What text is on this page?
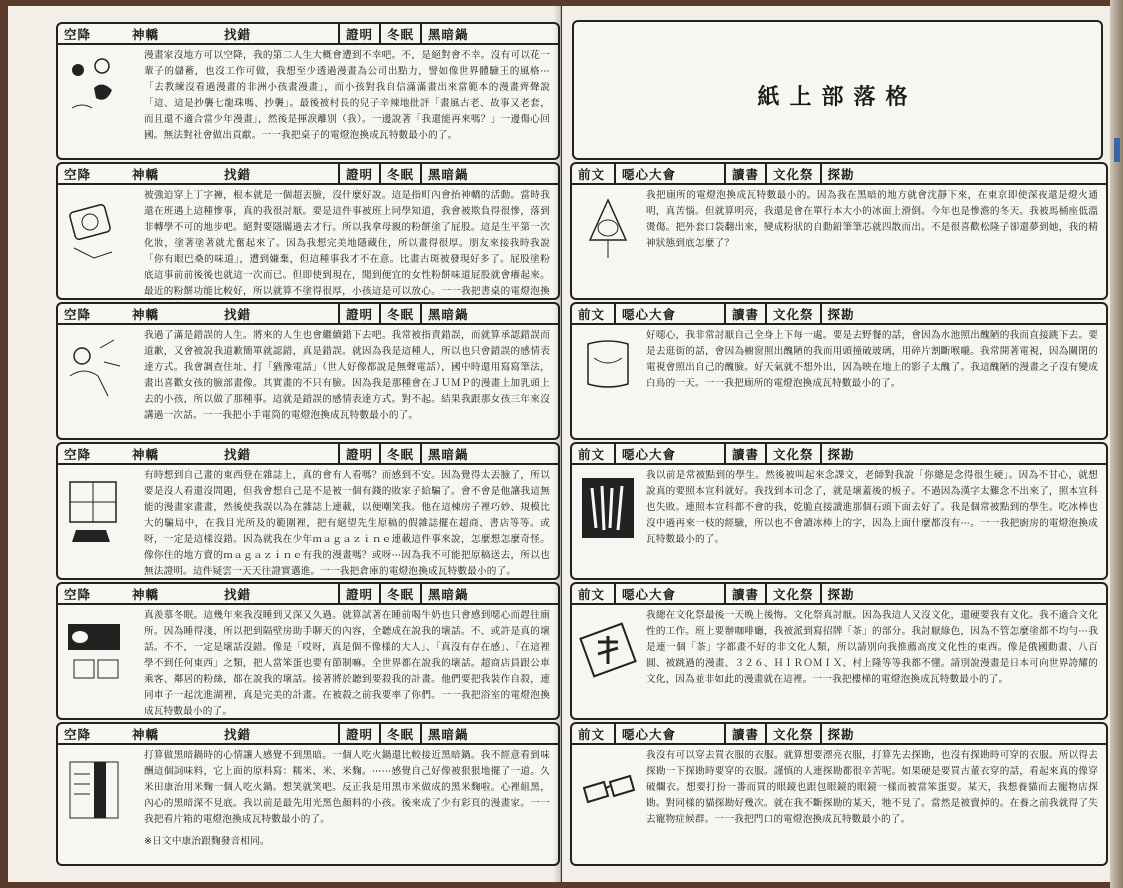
空降	神轎	找錯	證明	冬眠	黑暗鍋
漫畫家沒地方可以空降，我的第二人生大概會遭到不幸吧。不，是絕對會不幸。沒有可以花一輩子的儲蓄，也沒工作可做，我想至少透過漫畫為公司出點力，譬如像世界體驗王的風格⋯「去教練沒看過漫畫的非洲小孩畫漫畫」，而小孩對我自信滿滿畫出來當範本的漫畫齊聲說「這、這是抄襲七龍珠嗎、抄襲」。最後被村長的兒子辛辣地批評「畫風古老、故事又老套，而且還不適合當少年漫畫」，然後是揮淚離別（我）。一邊說著「我還能再來嗎？」一邊傷心回國。無法對社會做出貢獻。一一我把桌子的電燈泡換成瓦特數最小的了。
空降	神轎	找錯	證明	冬眠	黑暗鍋
被強迫穿上丁字褲，根本就是一個超丟臉，沒什麼好說。這是指町內會抬神轎的活動。當時我還在班遇上這種慘事，真的我很討厭。要是這件事被班上同學知道，我會被欺負得很慘，落到非轉學不可的地步吧。絕對要隱瞞過去才行。所以我拿母親的粉餅塗了屁股。這是生平第一次化妝，塗著塗著就尤奮起來了。因為我想完美地隱藏住，所以畫得很厚。朋友來接我時我說「你有眼巴桑的味道」，遭到嫌棄，但這種事我才不在意。比畫古斑被發現好多了。屁股塗粉底這事前前後後也就這一次而已。但即使到現在，聞到便宜的女性粉餅味道屁股就會癢起來。最近的粉餅功能比較好，所以就算不塗得很厚，小孩這是可以放心。一一我把書桌的電燈泡換
空降	神轎	找錯	證明	冬眠	黑暗鍋
我過了滿是錯誤的人生。將來的人生也會繼續錯下去吧。我常被指責錯誤，而就算承認錯誤而道歉，又會被說我道歉簡單就認錯，真是錯誤。就因為我是這種人，所以也只會錯誤的感情表達方式。我會調查住址、打「猶豫電話」（世人好像都說是無聲電話），國中時還用寫寫筆法，畫出喜歡女孩的臉部畫像。其實畫的不只有臉。因為我是那種會在ＪＵＭＰ的漫畫上加乳頭上去的小孩，所以做了那種事。這就是錯誤的感情表達方式。對不起。結果我跟那女孩三年來沒講過一次話。一一我把小手電筒的電燈泡換成瓦特數最小的了。
空降	神轎	找錯	證明	冬眠	黑暗鍋
有時想到自己畫的東西登在雜誌上，真的會有人看嗎？而感到不安。因為覺得太丟臉了，所以要是沒人看還沒問題，但我會想自己是不是被一個有錢的敗家子給騙了。會不會是他讓我這無能的漫畫家畫畫，然後使我誤以為在雜誌上連載，以便嘲笑我。他在這棟房子裡巧妙、規模比大的騙局中，在我目光所及的範圍裡，把有絕望先生原稿的假雜誌擺在超商、書店等等。或呀，一定是這樣沒錯。因為就我在少年ｍａｇａｚｉｎｅ連載這件事來說，怎麼想怎麼奇怪。像你住的地方賣的ｍａｇａｚｉｎｅ有我的漫畫嗎？或呀⋯因為我不可能把原稿送去，所以也無法證明。這件疑雲一天天往證實邁進。一一我把倉庫的電燈泡換成瓦特數最小的了。
空降	神轎	找錯	證明	冬眠	黑暗鍋
真羨慕冬眠。這幾年來我沒睡到又深又久過。就算試著在睡前喝牛奶也只會感到噁心而趕往廁所。因為睡得淺，所以把到隔壁房助手聊天的內容，全聽成在說我的壞話。不、或許是真的壞話。不不，一定是壞話沒錯。像是「哎呀，真是個不像樣的大人」、「真沒有存在感」、「在這裡學不到任何東西」之類，把人當笨蛋也要有節制嘛。全世界都在說我的壞話。超商店員跟公車乘客、鄰居的粉絲，都在說我的壞話。接著將於聽到要殺我的計畫。他們要把我裝作自殺，連同車子一起沈進湖裡，真是完美的計畫。在被殺之前我要率了你們。一一我把浴室的電燈泡換成瓦特數最小的了。
空降	神轎	找錯	證明	冬眠	黑暗鍋
打算做黑暗鍋時的心情讓人感覺不到黑暗。一個人吃火鍋還比較接近黑暗鍋。我不經意看到味酬這個詞味料，它上面的原料寫：糯米、米、米麴。⋯⋯感覺自己好像被狠狠地擺了一道。久米田康治用米麴一個人吃火鍋。想笑就笑吧。反正我是用黑市米做成的黑米麴啦。心裡組黑，內心的黑暗深不見底。我以前是最先用光黑色顏料的小孩。後來成了少有彩頁的漫畫家。一一我把看片箱的電燈泡換成瓦特數最小的了。
※日文中康治跟麴發音相同。
紙上部落格
前文	噁心大會	讀書	文化祭	探勘
我把廁所的電燈泡換成瓦特數最小的。因為我在黑暗的地方就會沈靜下來，在東京即使深夜還是燈火通明，真苦惱。但就算明亮，我還是會在單行本大小的冰面上滑倒。今年也是慘澹的冬天。我被馬桶座低溫燙傷。把外套口袋翻出來，變成粉狀的自動鉛筆筆芯就四散而出。不是很喜歡松隆子卻還夢到她，我的精神狀態到底怎麼了？
前文	噁心大會	讀書	文化祭	探勘
好噁心，我非常討厭自己全身上下每一處。要是去野餐的話，會因為水池照出醜陋的我而直接跳下去。要是去逛街的話，會因為櫥窗照出醜陋的我而用頭撞破玻璃，用碎片割斷喉嚨。我常開著電視，因為關閉的電視會照出自己的醜臉。好天氣就不想外出，因為映在地上的影子太醜了。我這醜陋的漫畫之子沒有變成白鳥的一天。一一我把廁所的電燈泡換成瓦特數最小的了。
前文	噁心大會	讀書	文化祭	探勘
我以前是常被點到的學生。然後被叫起來念課文，老師對我說「你總是念得很生硬」。因為不甘心，就想說真的要照本宣科就好。我找到本司念了，就是壞蓋後的板子。不過因為漢字太難念不出來了，照本宣科也失敗。連照本宣科都不會的我，乾脆直接讀進那個石頭下面去好了。我是個常被點到的學生。吃冰棒也沒中過再來一枝的經驗，所以也不會讀冰棒上的字，因為上面什麼都沒有⋯。一一我把廚房的電燈泡換成瓦特數最小的了。
前文	噁心大會	讀書	文化祭	探勘
我總在文化祭最後一天晚上後悔。文化祭真討厭。因為我這人又沒文化，還硬要我有文化。我不適合文化性的工作。班上要辦咖啡廳，我被派到寫招牌「茶」的部分。我討厭綠色，因為不管怎麼塗都不均勻⋯我是連一個「茶」字都畫不好的非文化人類，所以請別向我推薦高度文化性的東西。像是俄國動畫、八百圓、被跳過的漫畫、３２６、ＨＩＲＯＭＩＸ、村上隆等等我都不懂。請別說漫畫是日本可向世界誇耀的文化，因為並非如此的漫畫就在這裡。一一我把樓梯的電燈泡換成瓦特數最小的了。
前文	噁心大會	讀書	文化祭	探勘
我沒有可以穿去買衣服的衣服。就算想要漂亮衣服，打算先去探勘，也沒有探勘時可穿的衣服。所以得去探勘一下探勘時要穿的衣服。謹慎的人連探勘都很辛苦呢。如果硬是要買古董衣穿的話，看起來真的像穿破爛衣。想要打扮一番而買的眼鏡也跟包眼鏡的眼鏡一樣而被當笨蛋耍。某天，我想養貓而去寵物店探勘。對同樣的貓探勘好幾次。就在我不斷探勘的某天，牠不見了。當然是被賣掉的。在養之前我就得了失去寵物症候群。一一我把門口的電燈泡換成瓦特數最小的了。
